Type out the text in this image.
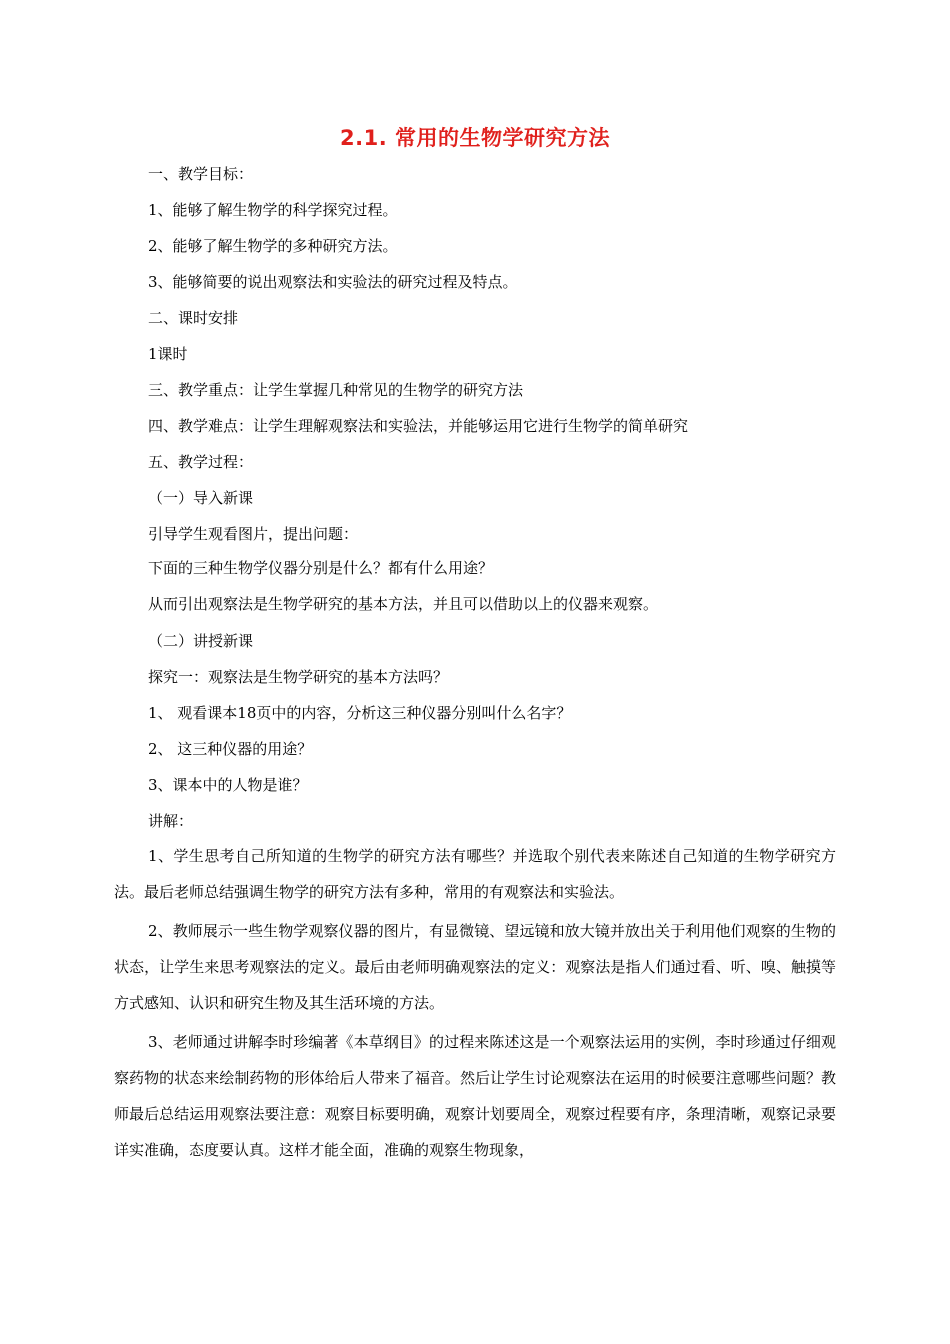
2.1. 常用的生物学研究方法
一、教学目标：
1、能够了解生物学的科学探究过程。
2、能够了解生物学的多种研究方法。
3、能够简要的说出观察法和实验法的研究过程及特点。
二、课时安排
1课时
三、教学重点：让学生掌握几种常见的生物学的研究方法
四、教学难点：让学生理解观察法和实验法，并能够运用它进行生物学的简单研究
五、教学过程：
（一）导入新课
引导学生观看图片，提出问题：
下面的三种生物学仪器分别是什么？都有什么用途？
从而引出观察法是生物学研究的基本方法，并且可以借助以上的仪器来观察。
（二）讲授新课
探究一：观察法是生物学研究的基本方法吗？
1、 观看课本18页中的内容，分析这三种仪器分别叫什么名字？
2、 这三种仪器的用途？
3、课本中的人物是谁？
讲解：
1、学生思考自己所知道的生物学的研究方法有哪些？并选取个别代表来陈述自己知道的生物学研究方法。最后老师总结强调生物学的研究方法有多种，常用的有观察法和实验法。
2、教师展示一些生物学观察仪器的图片，有显微镜、望远镜和放大镜并放出关于利用他们观察的生物的状态，让学生来思考观察法的定义。最后由老师明确观察法的定义：观察法是指人们通过看、听、嗅、触摸等方式感知、认识和研究生物及其生活环境的方法。
3、老师通过讲解李时珍编著《本草纲目》的过程来陈述这是一个观察法运用的实例，李时珍通过仔细观察药物的状态来绘制药物的形体给后人带来了福音。然后让学生讨论观察法在运用的时候要注意哪些问题？教师最后总结运用观察法要注意：观察目标要明确，观察计划要周全，观察过程要有序，条理清晰，观察记录要详实准确，态度要认真。这样才能全面，准确的观察生物现象，
